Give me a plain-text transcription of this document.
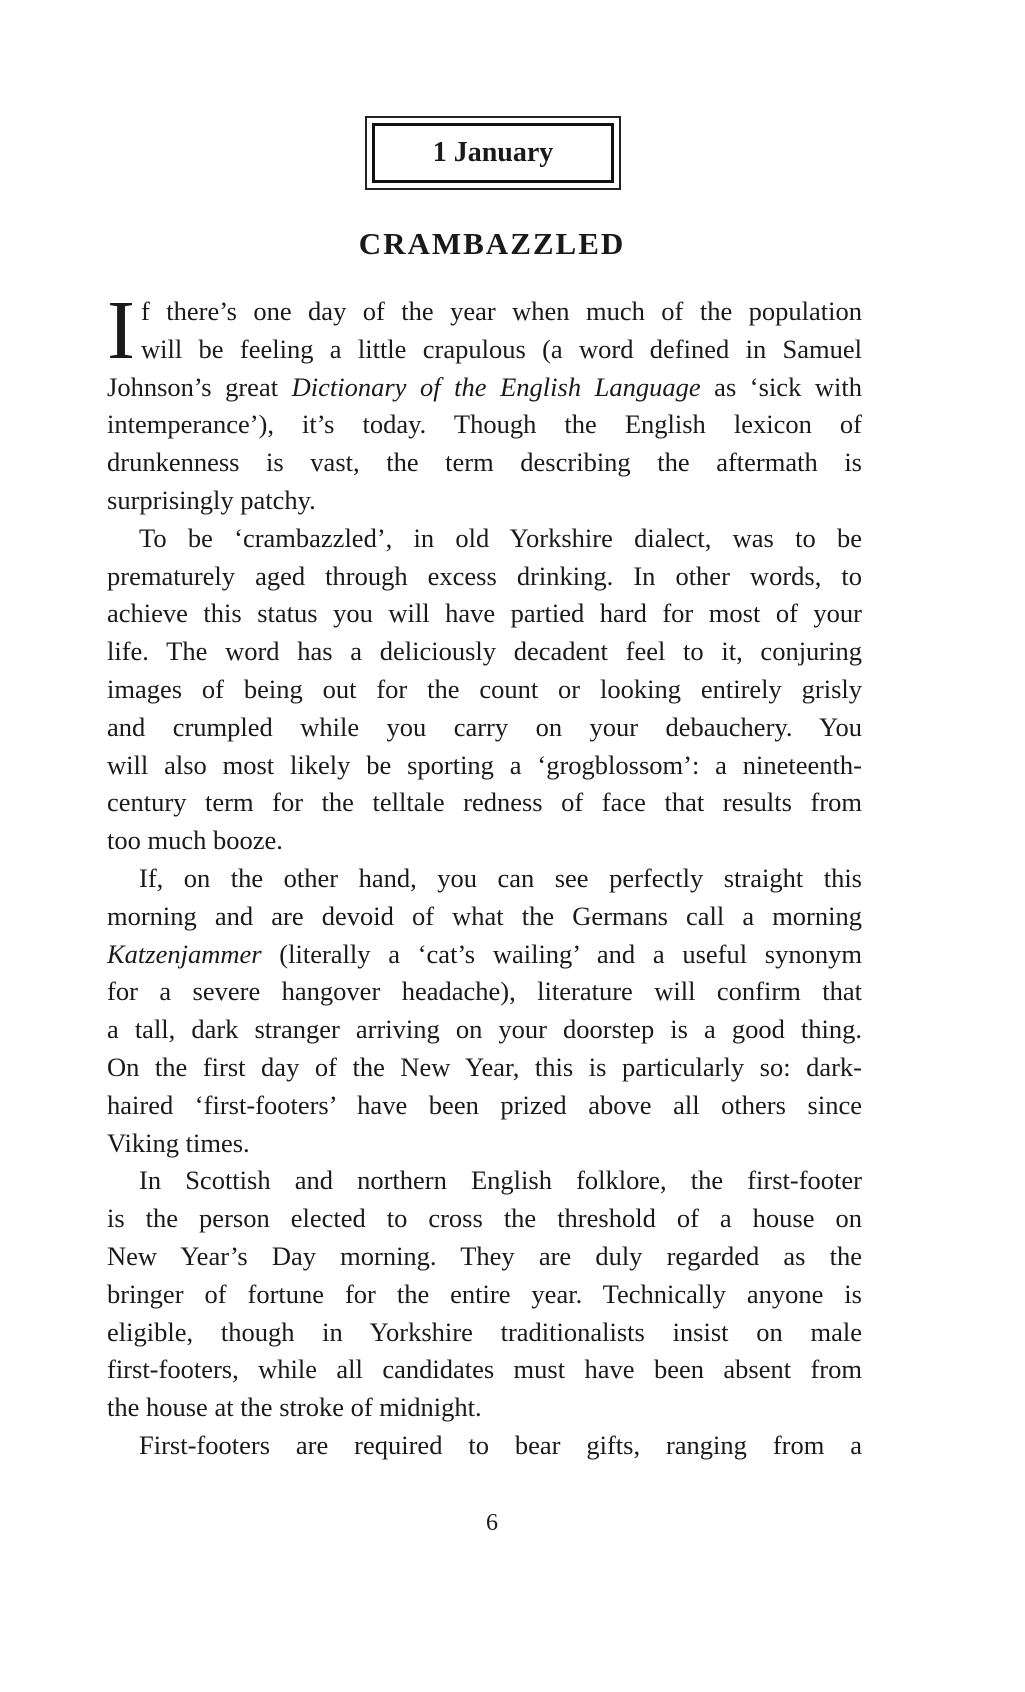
1 January
CRAMBAZZLED
I f there’s one day of the year when much of the population
will be feeling a little crapulous (a word defined in Samuel
Johnson’s great Dictionary of the English Language as ‘sick with
intemperance’), it’s today. Though the English lexicon of
drunkenness is vast, the term describing the aftermath is
surprisingly patchy.
To be ‘crambazzled’, in old Yorkshire dialect, was to be
prematurely aged through excess drinking. In other words, to
achieve this status you will have partied hard for most of your
life. The word has a deliciously decadent feel to it, conjuring
images of being out for the count or looking entirely grisly
and crumpled while you carry on your debauchery. You
will also most likely be sporting a ‘grogblossom’: a nineteenth-
century term for the telltale redness of face that results from
too much booze.
If, on the other hand, you can see perfectly straight this
morning and are devoid of what the Germans call a morning
Katzenjammer (literally a ‘cat’s wailing’ and a useful synonym
for a severe hangover headache), literature will confirm that
a tall, dark stranger arriving on your doorstep is a good thing.
On the first day of the New Year, this is particularly so: dark-
haired ‘first-footers’ have been prized above all others since
Viking times.
In Scottish and northern English folklore, the first-footer
is the person elected to cross the threshold of a house on
New Year’s Day morning. They are duly regarded as the
bringer of fortune for the entire year. Technically anyone is
eligible, though in Yorkshire traditionalists insist on male
first-footers, while all candidates must have been absent from
the house at the stroke of midnight.
First-footers are required to bear gifts, ranging from a
6
